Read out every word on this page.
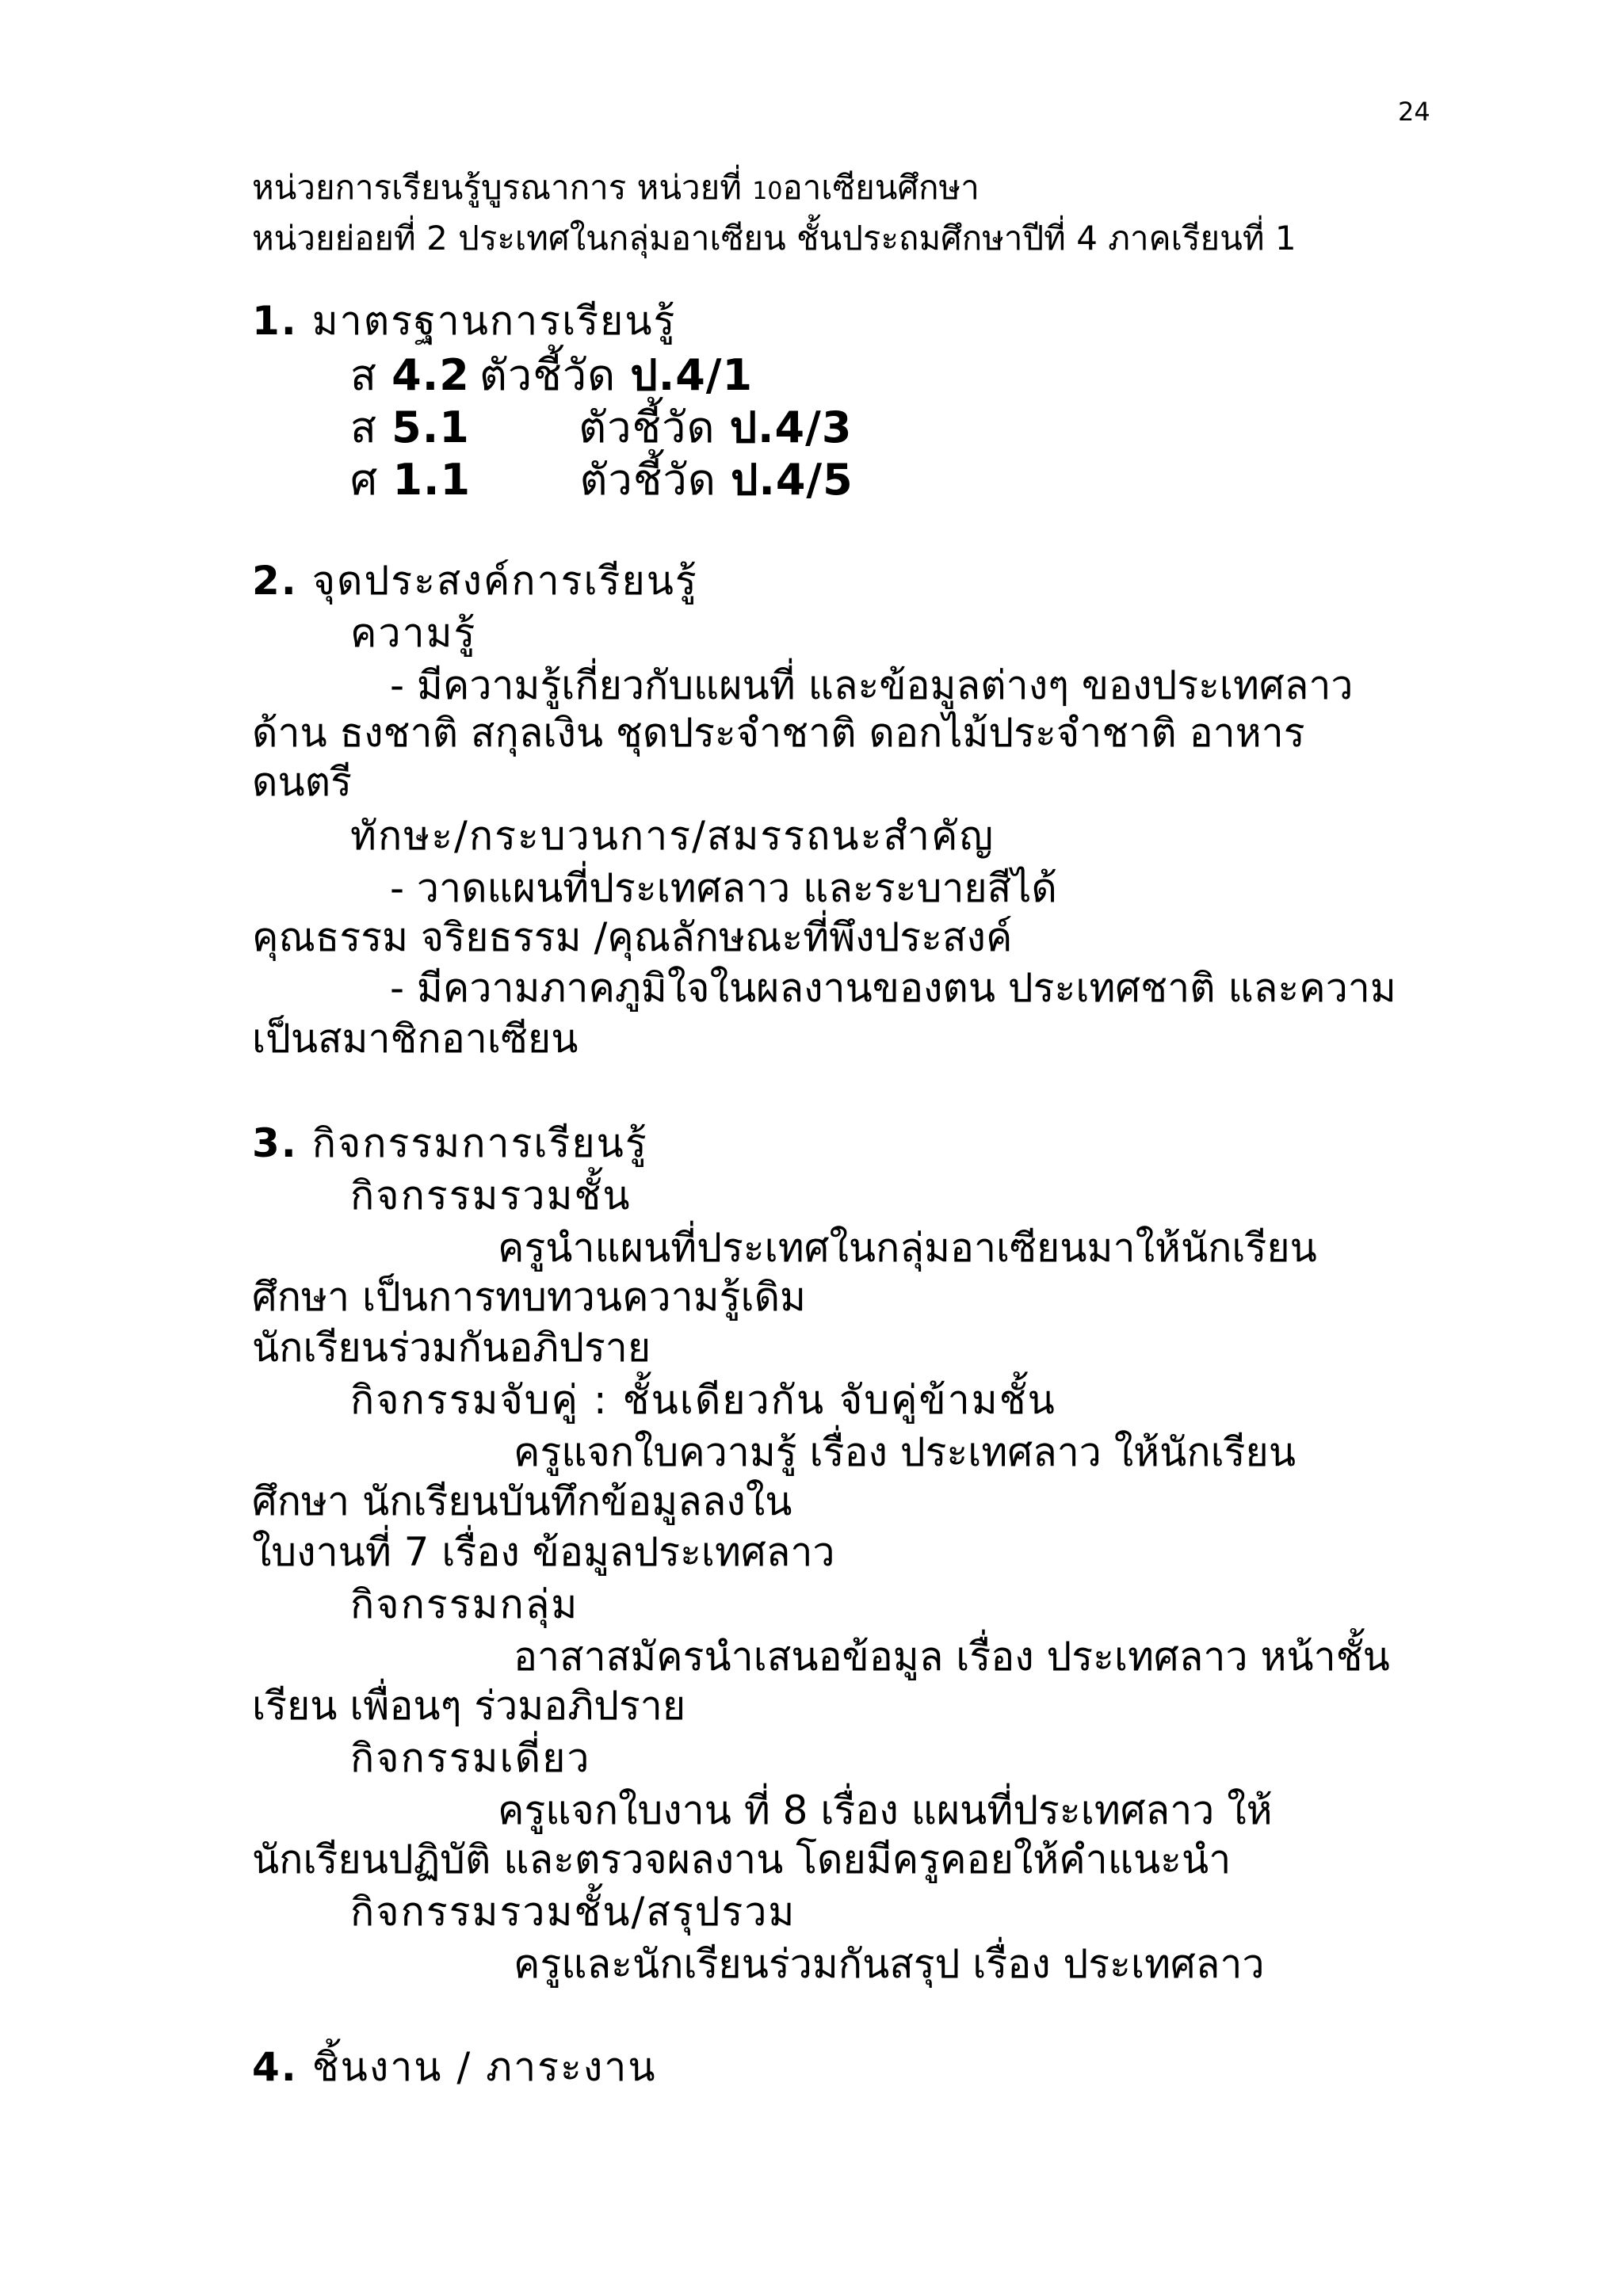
24
หน่วยการเรียนรู้บูรณาการ หน่วยที่ 10อาเซียนศึกษา
หน่วยย่อยที่ 2 ประเทศในกลุ่มอาเซียน ชั้นประถมศึกษาปีที่ 4 ภาคเรียนที่ 1
1. มาตรฐานการเรียนรู้
ส 4.2 ตัวชี้วัด ป.4/1
ส 5.1	ตัวชี้วัด ป.4/3
ศ 1.1	ตัวชี้วัด ป.4/5
2. จุดประสงค์การเรียนรู้
ความรู้
- มีความรู้เกี่ยวกับแผนที่ และข้อมูลต่างๆ ของประเทศลาว
ด้าน ธงชาติ สกุลเงิน ชุดประจำชาติ ดอกไม้ประจำชาติ อาหาร
ดนตรี
ทักษะ/กระบวนการ/สมรรถนะสำคัญ
- วาดแผนที่ประเทศลาว และระบายสีได้
คุณธรรม จริยธรรม /คุณลักษณะที่พึงประสงค์
- มีความภาคภูมิใจในผลงานของตน ประเทศชาติ และความ
เป็นสมาชิกอาเซียน
3. กิจกรรมการเรียนรู้
กิจกรรมรวมชั้น
ครูนำแผนที่ประเทศในกลุ่มอาเซียนมาให้นักเรียน
ศึกษา เป็นการทบทวนความรู้เดิม
นักเรียนร่วมกันอภิปราย
กิจกรรมจับคู่ : ชั้นเดียวกัน จับคู่ข้ามชั้น
ครูแจกใบความรู้ เรื่อง ประเทศลาว ให้นักเรียน
ศึกษา นักเรียนบันทึกข้อมูลลงใน
ใบงานที่ 7 เรื่อง ข้อมูลประเทศลาว
กิจกรรมกลุ่ม
อาสาสมัครนำเสนอข้อมูล เรื่อง ประเทศลาว หน้าชั้น
เรียน เพื่อนๆ ร่วมอภิปราย
กิจกรรมเดี่ยว
ครูแจกใบงาน ที่ 8 เรื่อง แผนที่ประเทศลาว ให้
นักเรียนปฏิบัติ และตรวจผลงาน โดยมีครูคอยให้คำแนะนำ
กิจกรรมรวมชั้น/สรุปรวม
ครูและนักเรียนร่วมกันสรุป เรื่อง ประเทศลาว
4. ชิ้นงาน / ภาระงาน
